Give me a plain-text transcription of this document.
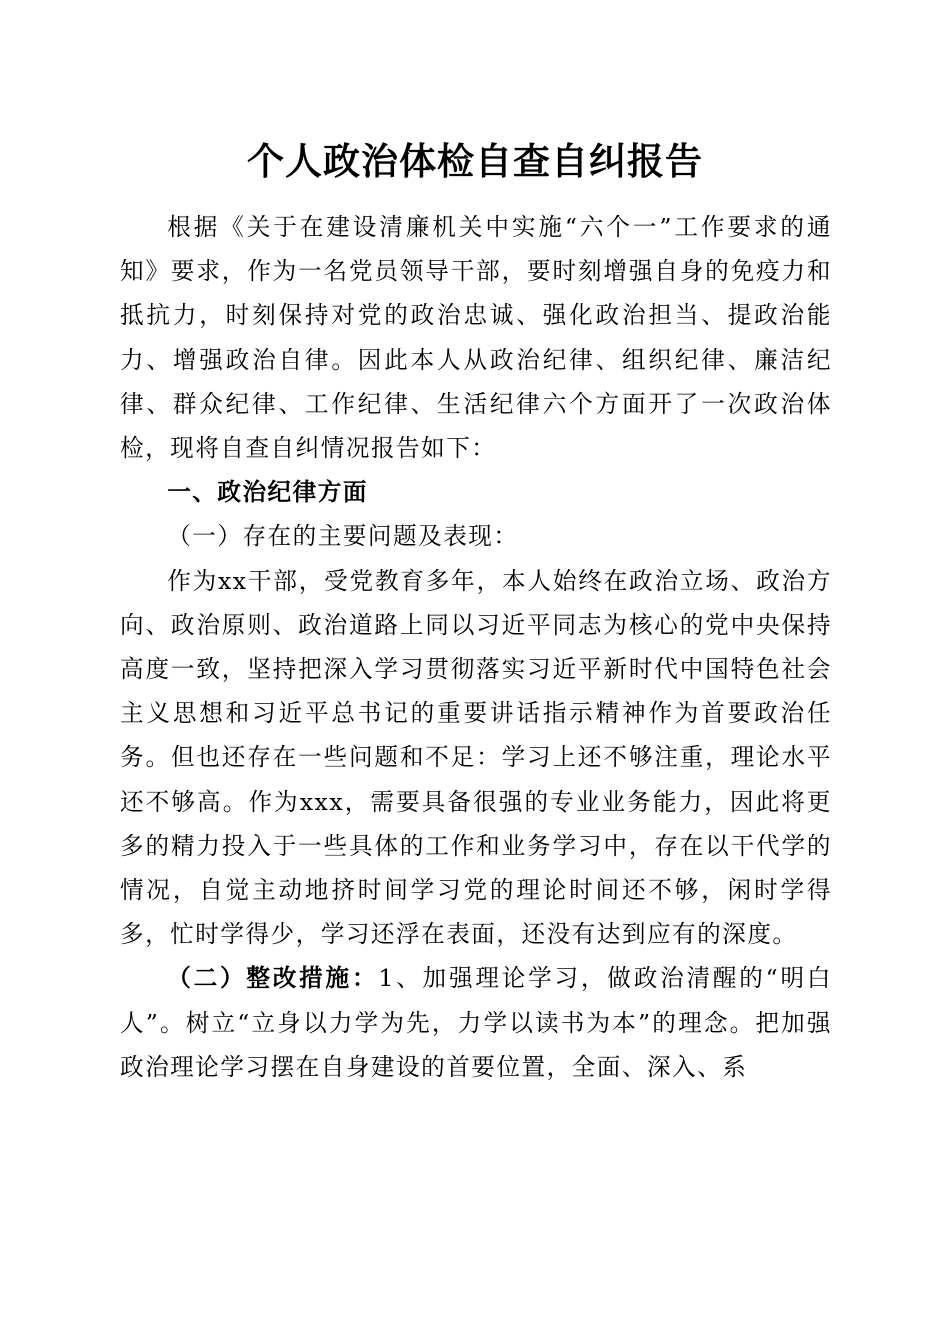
个人政治体检自查自纠报告

根据《关于在建设清廉机关中实施“六个一”工作要求的通知》要求，作为一名党员领导干部，要时刻增强自身的免疫力和抵抗力，时刻保持对党的政治忠诚、强化政治担当、提政治能力、增强政治自律。因此本人从政治纪律、组织纪律、廉洁纪律、群众纪律、工作纪律、生活纪律六个方面开了一次政治体检，现将自查自纠情况报告如下：

一、政治纪律方面

（一）存在的主要问题及表现：

作为xx干部，受党教育多年，本人始终在政治立场、政治方向、政治原则、政治道路上同以习近平同志为核心的党中央保持高度一致，坚持把深入学习贯彻落实习近平新时代中国特色社会主义思想和习近平总书记的重要讲话指示精神作为首要政治任务。但也还存在一些问题和不足：学习上还不够注重，理论水平还不够高。作为xxx，需要具备很强的专业业务能力，因此将更多的精力投入于一些具体的工作和业务学习中，存在以干代学的情况，自觉主动地挤时间学习党的理论时间还不够，闲时学得多，忙时学得少，学习还浮在表面，还没有达到应有的深度。

（二）整改措施：1、加强理论学习，做政治清醒的“明白人”。树立“立身以力学为先，力学以读书为本”的理念。把加强政治理论学习摆在自身建设的首要位置，全面、深入、系
